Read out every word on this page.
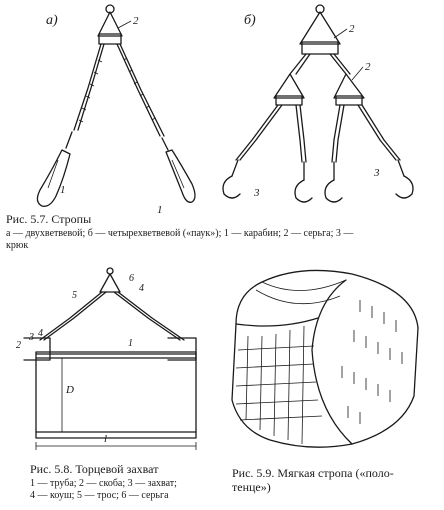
а)	2
1
1
б)
2
2
3
3
6
4
5
3 4
2	1
D
l
Рис. 5.7. Стропы
а — двухветвевой; б — четырехветвевой («паук»); 1 — карабин; 2 — серьга; 3 —
крюк
Рис. 5.8. Торцевой захват
1 — труба; 2 — скоба; 3 — захват;
4 — коуш; 5 — трос; 6 — серьга
Рис. 5.9. Мягкая стропа («поло-
тенце»)
